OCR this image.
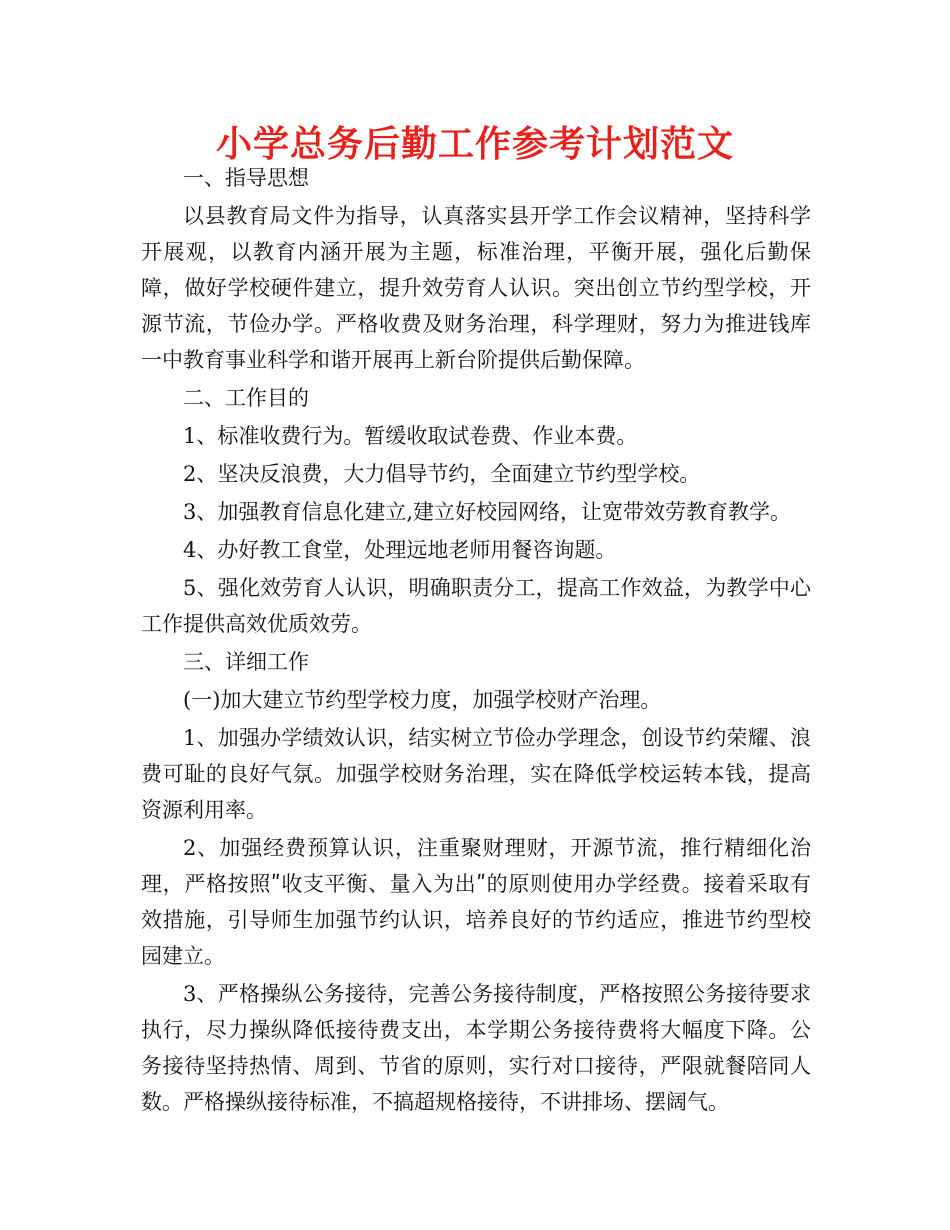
小学总务后勤工作参考计划范文

一、指导思想

以县教育局文件为指导，认真落实县开学工作会议精神，坚持科学开展观，以教育内涵开展为主题，标准治理，平衡开展，强化后勤保障，做好学校硬件建立，提升效劳育人认识。突出创立节约型学校，开源节流，节俭办学。严格收费及财务治理，科学理财，努力为推进钱库一中教育事业科学和谐开展再上新台阶提供后勤保障。

二、工作目的

1、标准收费行为。暂缓收取试卷费、作业本费。

2、坚决反浪费，大力倡导节约，全面建立节约型学校。

3、加强教育信息化建立,建立好校园网络，让宽带效劳教育教学。

4、办好教工食堂，处理远地老师用餐咨询题。

5、强化效劳育人认识，明确职责分工，提高工作效益，为教学中心工作提供高效优质效劳。

三、详细工作

(一)加大建立节约型学校力度，加强学校财产治理。

1、加强办学绩效认识，结实树立节俭办学理念，创设节约荣耀、浪费可耻的良好气氛。加强学校财务治理，实在降低学校运转本钱，提高资源利用率。

2、加强经费预算认识，注重聚财理财，开源节流，推行精细化治理，严格按照ʺ收支平衡、量入为出ʺ的原则使用办学经费。接着采取有效措施，引导师生加强节约认识，培养良好的节约适应，推进节约型校园建立。

3、严格操纵公务接待，完善公务接待制度，严格按照公务接待要求执行，尽力操纵降低接待费支出，本学期公务接待费将大幅度下降。公务接待坚持热情、周到、节省的原则，实行对口接待，严限就餐陪同人数。严格操纵接待标准，不搞超规格接待，不讲排场、摆阔气。
